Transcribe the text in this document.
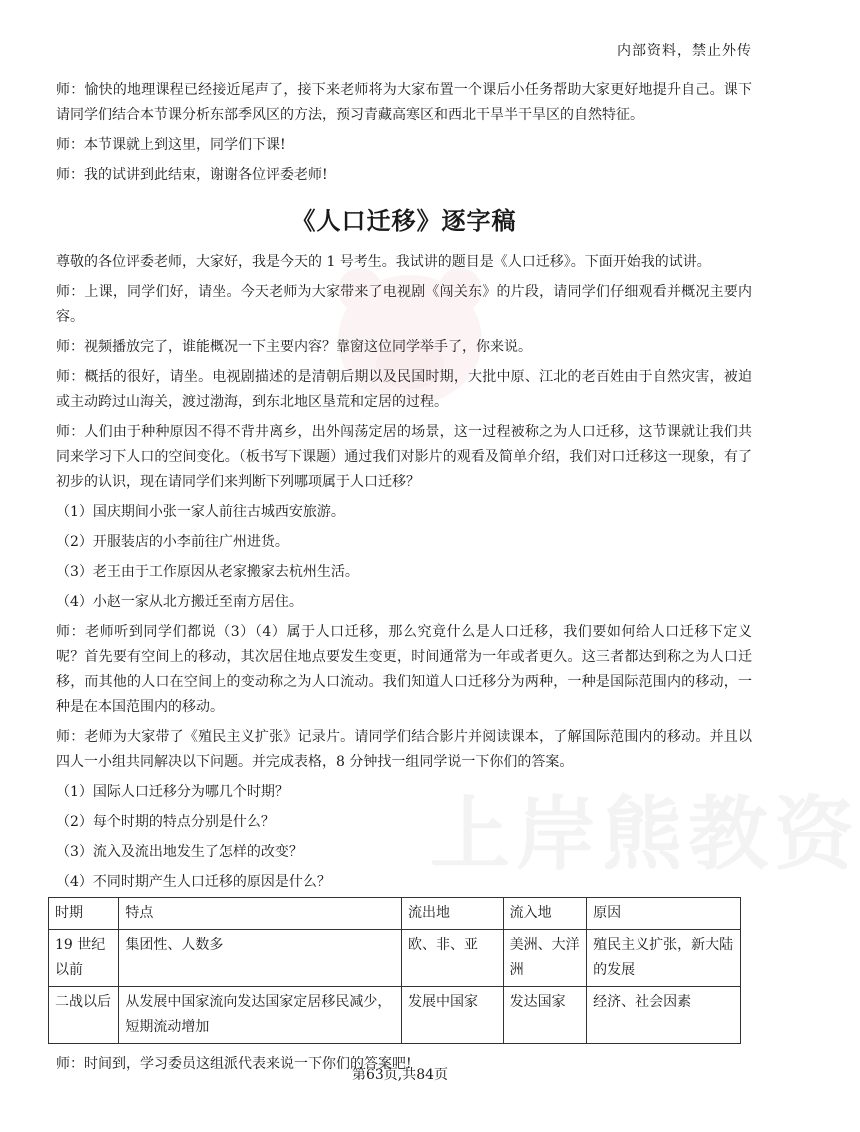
上岸熊教资
内部资料，禁止外传

师：愉快的地理课程已经接近尾声了，接下来老师将为大家布置一个课后小任务帮助大家更好地提升自己。课下请同学们结合本节课分析东部季风区的方法，预习青藏高寒区和西北干旱半干旱区的自然特征。

师：本节课就上到这里，同学们下课!

师：我的试讲到此结束，谢谢各位评委老师!

《人口迁移》逐字稿

尊敬的各位评委老师，大家好，我是今天的 1 号考生。我试讲的题目是《人口迁移》。下面开始我的试讲。

师：上课，同学们好，请坐。今天老师为大家带来了电视剧《闯关东》的片段，请同学们仔细观看并概况主要内容。

师：视频播放完了，谁能概况一下主要内容？靠窗这位同学举手了，你来说。

师：概括的很好，请坐。电视剧描述的是清朝后期以及民国时期，大批中原、江北的老百姓由于自然灾害，被迫或主动跨过山海关，渡过渤海，到东北地区垦荒和定居的过程。

师：人们由于种种原因不得不背井离乡，出外闯荡定居的场景，这一过程被称之为人口迁移，这节课就让我们共同来学习下人口的空间变化。（板书写下课题）通过我们对影片的观看及简单介绍，我们对口迁移这一现象，有了初步的认识，现在请同学们来判断下列哪项属于人口迁移？

（1）国庆期间小张一家人前往古城西安旅游。

（2）开服装店的小李前往广州进货。

（3）老王由于工作原因从老家搬家去杭州生活。

（4）小赵一家从北方搬迁至南方居住。

师：老师听到同学们都说（3）（4）属于人口迁移，那么究竟什么是人口迁移，我们要如何给人口迁移下定义呢？首先要有空间上的移动，其次居住地点要发生变更，时间通常为一年或者更久。这三者都达到称之为人口迁移，而其他的人口在空间上的变动称之为人口流动。我们知道人口迁移分为两种，一种是国际范围内的移动，一种是在本国范围内的移动。

师：老师为大家带了《殖民主义扩张》记录片。请同学们结合影片并阅读课本，了解国际范围内的移动。并且以四人一小组共同解决以下问题。并完成表格，8 分钟找一组同学说一下你们的答案。

（1）国际人口迁移分为哪几个时期？

（2）每个时期的特点分别是什么？

（3）流入及流出地发生了怎样的改变？

（4）不同时期产生人口迁移的原因是什么？

时期	特点	流出地	流入地	原因
19 世纪以前	集团性、人数多	欧、非、亚	美洲、大洋洲	殖民主义扩张，新大陆的发展
二战以后	从发展中国家流向发达国家定居移民减少，短期流动增加	发展中国家	发达国家	经济、社会因素

师：时间到，学习委员这组派代表来说一下你们的答案吧!

第63页,共84页
